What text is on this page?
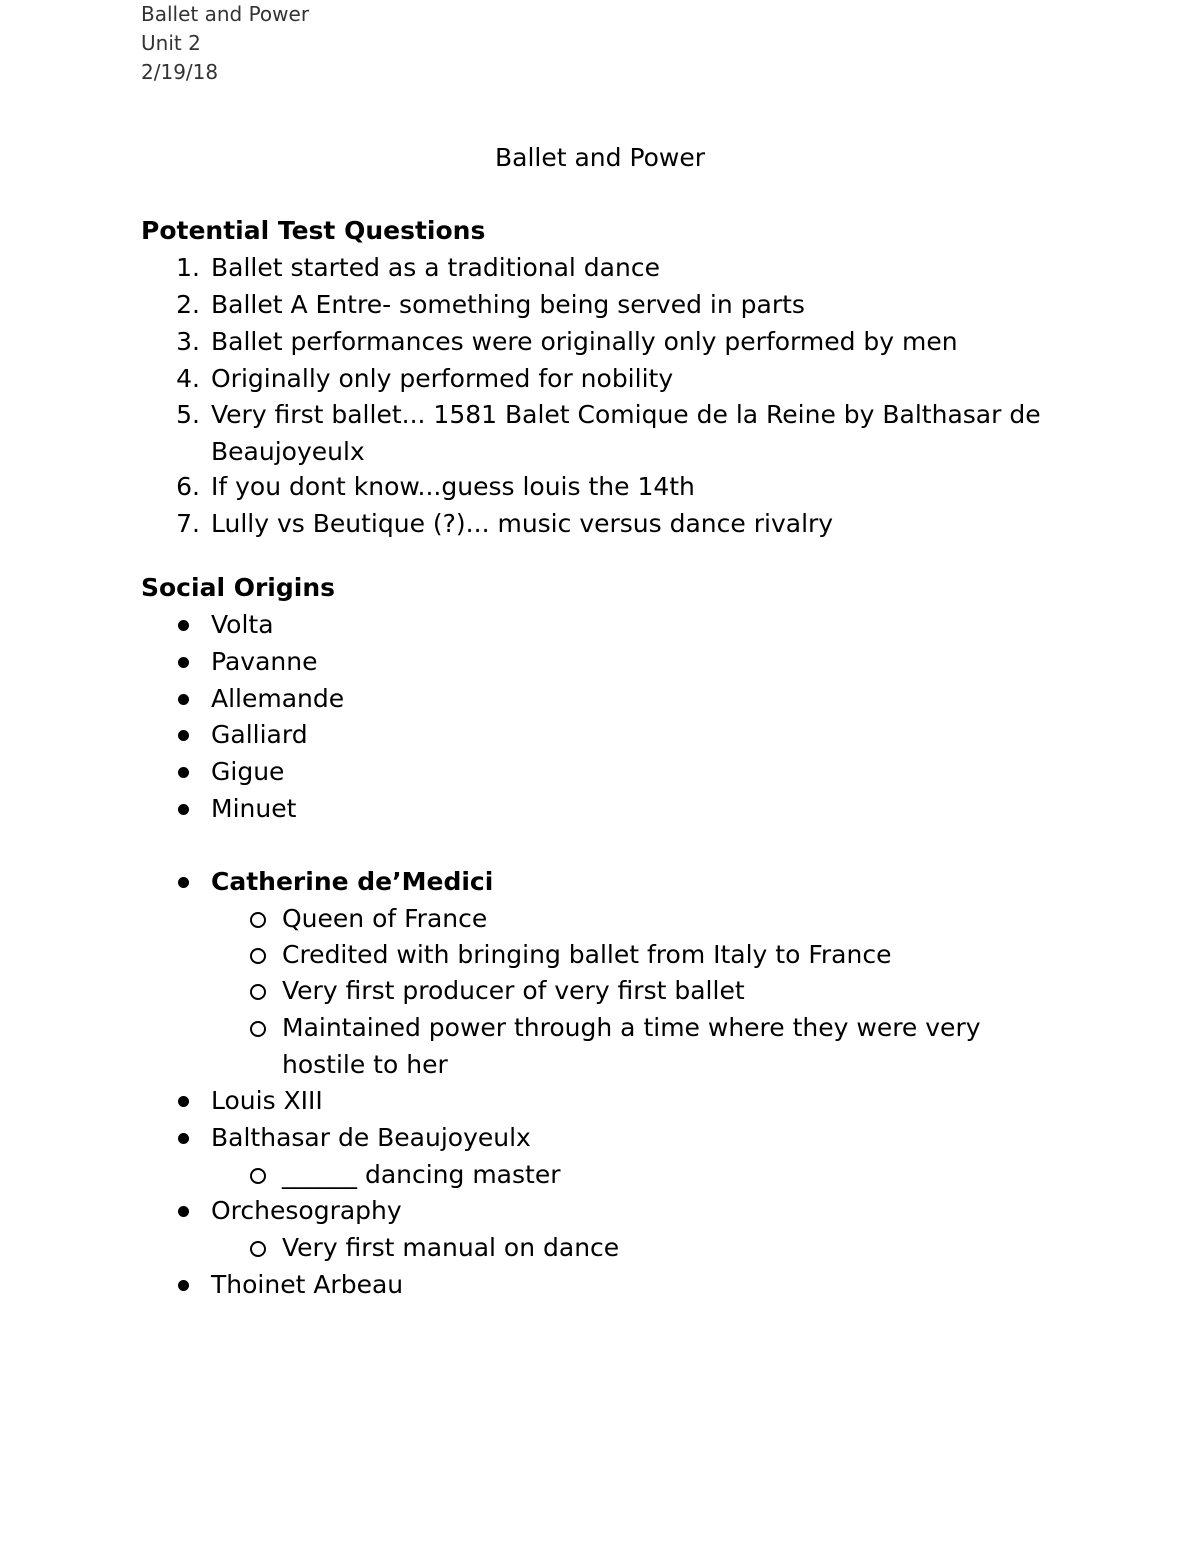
Ballet and Power
Unit 2
2/19/18
Ballet and Power
Potential Test Questions
1. Ballet started as a traditional dance
2. Ballet A Entre- something being served in parts
3. Ballet performances were originally only performed by men
4. Originally only performed for nobility
5. Very first ballet... 1581 Balet Comique de la Reine by Balthasar de
Beaujoyeulx
6. If you dont know...guess louis the 14th
7. Lully vs Beutique (?)... music versus dance rivalry
Social Origins
Volta
Pavanne
Allemande
Galliard
Gigue
Minuet
Catherine de’Medici
Queen of France
Credited with bringing ballet from Italy to France
Very first producer of very first ballet
Maintained power through a time where they were very
hostile to her
Louis XIII
Balthasar de Beaujoyeulx
______ dancing master
Orchesography
Very first manual on dance
Thoinet Arbeau
